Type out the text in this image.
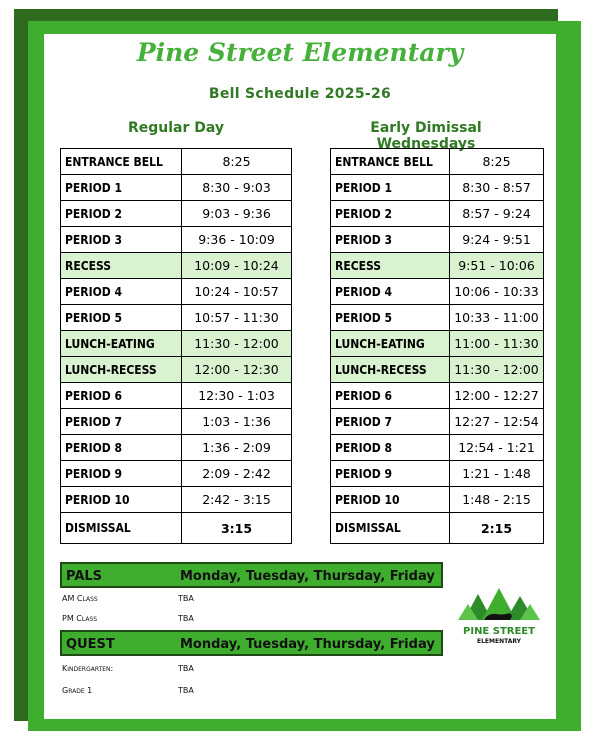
Pine Street Elementary
Bell Schedule 2025-26
Regular Day	Early Dimissal Wednesdays
ENTRANCE BELL	8:25
PERIOD 1	8:30 - 9:03
PERIOD 2	9:03 - 9:36
PERIOD 3	9:36 - 10:09
RECESS	10:09 - 10:24
PERIOD 4	10:24 - 10:57
PERIOD 5	10:57 - 11:30
LUNCH-EATING	11:30 - 12:00
LUNCH-RECESS	12:00 - 12:30
PERIOD 6	12:30 - 1:03
PERIOD 7	1:03 - 1:36
PERIOD 8	1:36 - 2:09
PERIOD 9	2:09 - 2:42
PERIOD 10	2:42 - 3:15
DISMISSAL	3:15
ENTRANCE BELL	8:25
PERIOD 1	8:30 - 8:57
PERIOD 2	8:57 - 9:24
PERIOD 3	9:24 - 9:51
RECESS	9:51 - 10:06
PERIOD 4	10:06 - 10:33
PERIOD 5	10:33 - 11:00
LUNCH-EATING	11:00 - 11:30
LUNCH-RECESS	11:30 - 12:00
PERIOD 6	12:00 - 12:27
PERIOD 7	12:27 - 12:54
PERIOD 8	12:54 - 1:21
PERIOD 9	1:21 - 1:48
PERIOD 10	1:48 - 2:15
DISMISSAL	2:15
PALS	Monday, Tuesday, Thursday, Friday
AM Class	TBA
PM Class	TBA
QUEST	Monday, Tuesday, Thursday, Friday
Kindergarten:	TBA
Grade 1	TBA
PINE STREET
ELEMENTARY
